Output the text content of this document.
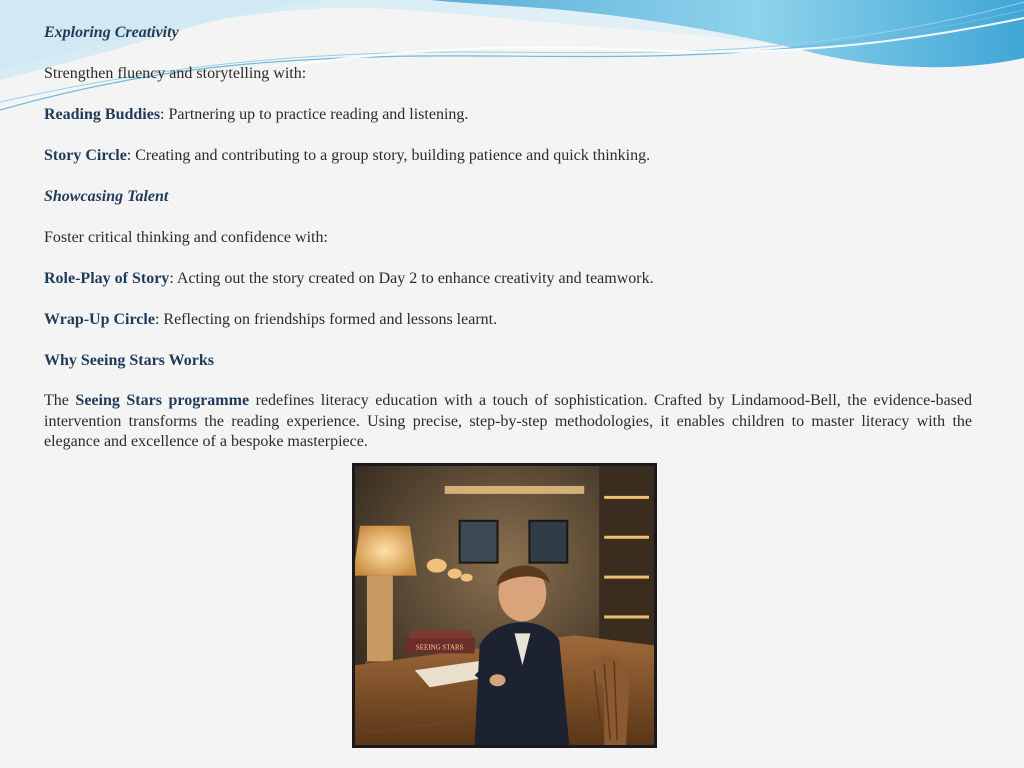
Exploring Creativity

Strengthen fluency and storytelling with:

Reading Buddies: Partnering up to practice reading and listening.

Story Circle: Creating and contributing to a group story, building patience and quick thinking.

Showcasing Talent

Foster critical thinking and confidence with:

Role-Play of Story: Acting out the story created on Day 2 to enhance creativity and teamwork.

Wrap-Up Circle: Reflecting on friendships formed and lessons learnt.

Why Seeing Stars Works

The Seeing Stars programme redefines literacy education with a touch of sophistication. Crafted by Lindamood-Bell, the evidence-based intervention transforms the reading experience. Using precise, step-by-step methodologies, it enables children to master literacy with the elegance and excellence of a bespoke masterpiece.

SEEING STARS
